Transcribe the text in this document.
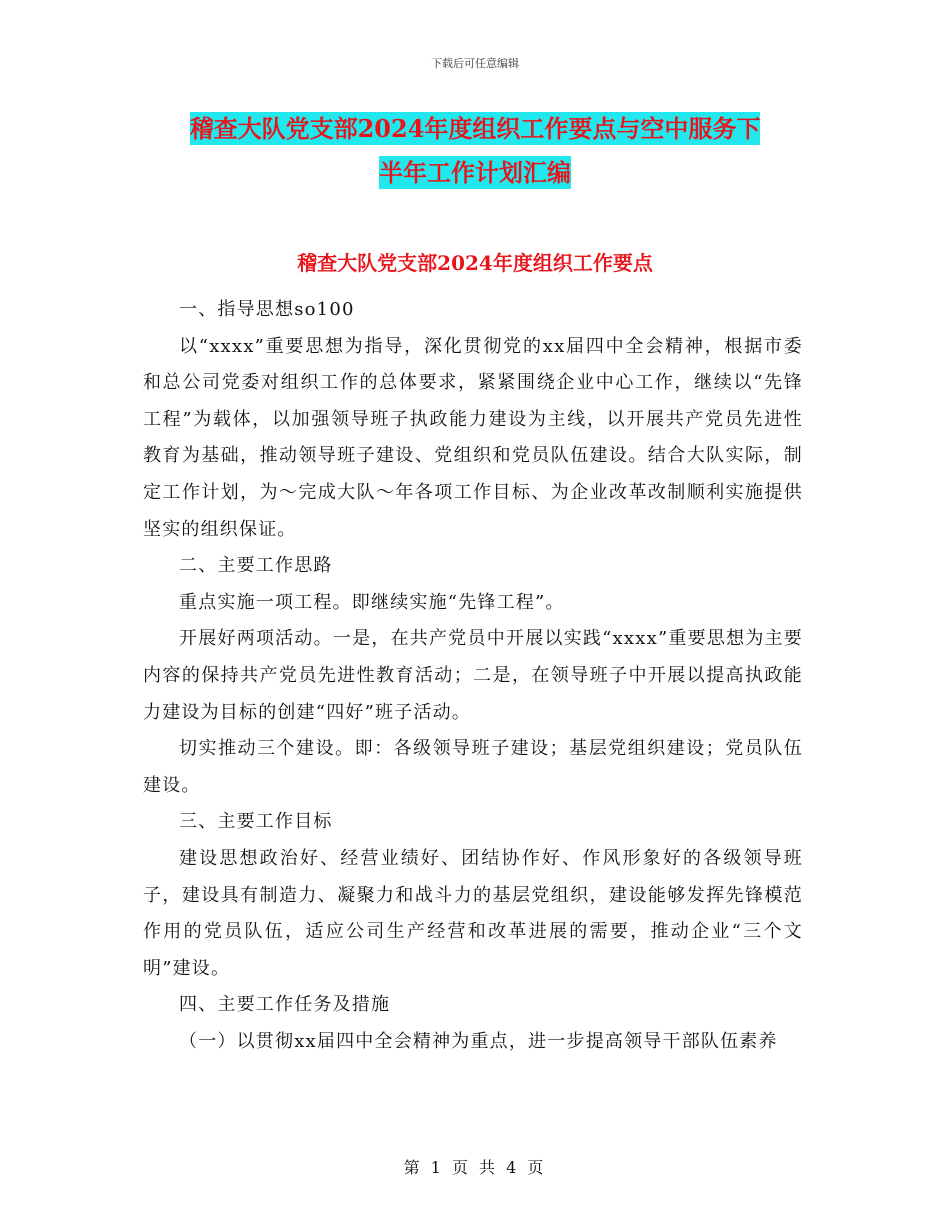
下载后可任意编辑
稽查大队党支部2024年度组织工作要点与空中服务下
半年工作计划汇编
稽查大队党支部2024年度组织工作要点

一、指导思想so100

以“xxxx”重要思想为指导，深化贯彻党的xx届四中全会精神，根据市委和总公司党委对组织工作的总体要求，紧紧围绕企业中心工作，继续以“先锋工程”为载体，以加强领导班子执政能力建设为主线，以开展共产党员先进性教育为基础，推动领导班子建设、党组织和党员队伍建设。结合大队实际，制定工作计划，为～完成大队～年各项工作目标、为企业改革改制顺利实施提供坚实的组织保证。

二、主要工作思路

重点实施一项工程。即继续实施“先锋工程”。

开展好两项活动。一是，在共产党员中开展以实践“xxxx”重要思想为主要内容的保持共产党员先进性教育活动；二是，在领导班子中开展以提高执政能力建设为目标的创建“四好”班子活动。

切实推动三个建设。即：各级领导班子建设；基层党组织建设；党员队伍建设。

三、主要工作目标

建设思想政治好、经营业绩好、团结协作好、作风形象好的各级领导班子，建设具有制造力、凝聚力和战斗力的基层党组织，建设能够发挥先锋模范作用的党员队伍，适应公司生产经营和改革进展的需要，推动企业“三个文明”建设。

四、主要工作任务及措施

（一）以贯彻xx届四中全会精神为重点，进一步提高领导干部队伍素养

第 1 页 共 4 页
